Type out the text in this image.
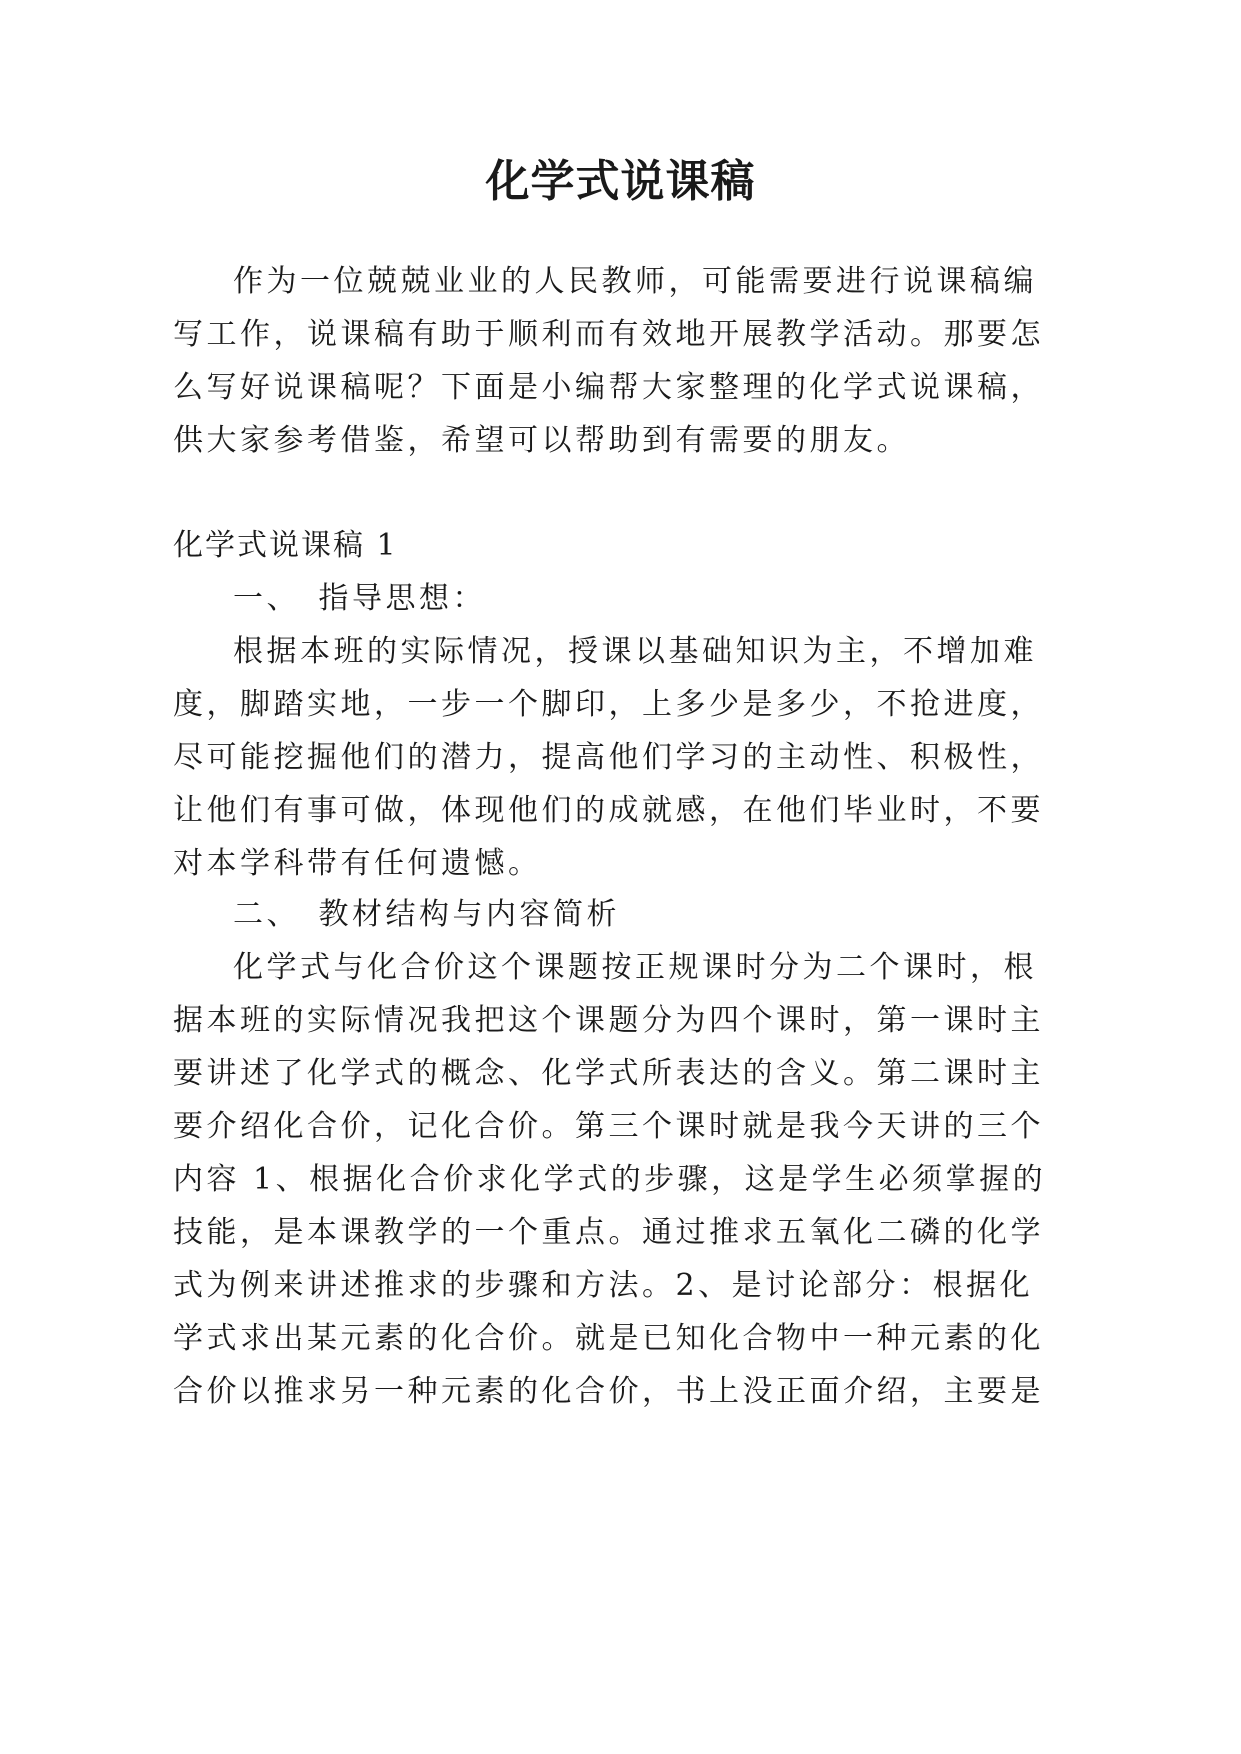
化学式说课稿
作为一位兢兢业业的人民教师，可能需要进行说课稿编
写工作，说课稿有助于顺利而有效地开展教学活动。那要怎
么写好说课稿呢？下面是小编帮大家整理的化学式说课稿，
供大家参考借鉴，希望可以帮助到有需要的朋友。
化学式说课稿 1
一、　指导思想：
根据本班的实际情况，授课以基础知识为主，不增加难
度，脚踏实地，一步一个脚印，上多少是多少，不抢进度，
尽可能挖掘他们的潜力，提高他们学习的主动性、积极性，
让他们有事可做，体现他们的成就感，在他们毕业时，不要
对本学科带有任何遗憾。
二、　教材结构与内容简析
化学式与化合价这个课题按正规课时分为二个课时，根
据本班的实际情况我把这个课题分为四个课时，第一课时主
要讲述了化学式的概念、化学式所表达的含义。第二课时主
要介绍化合价，记化合价。第三个课时就是我今天讲的三个
内容 1、根据化合价求化学式的步骤，这是学生必须掌握的
技能，是本课教学的一个重点。通过推求五氧化二磷的化学
式为例来讲述推求的步骤和方法。2、是讨论部分：根据化
学式求出某元素的化合价。就是已知化合物中一种元素的化
合价以推求另一种元素的化合价，书上没正面介绍，主要是
